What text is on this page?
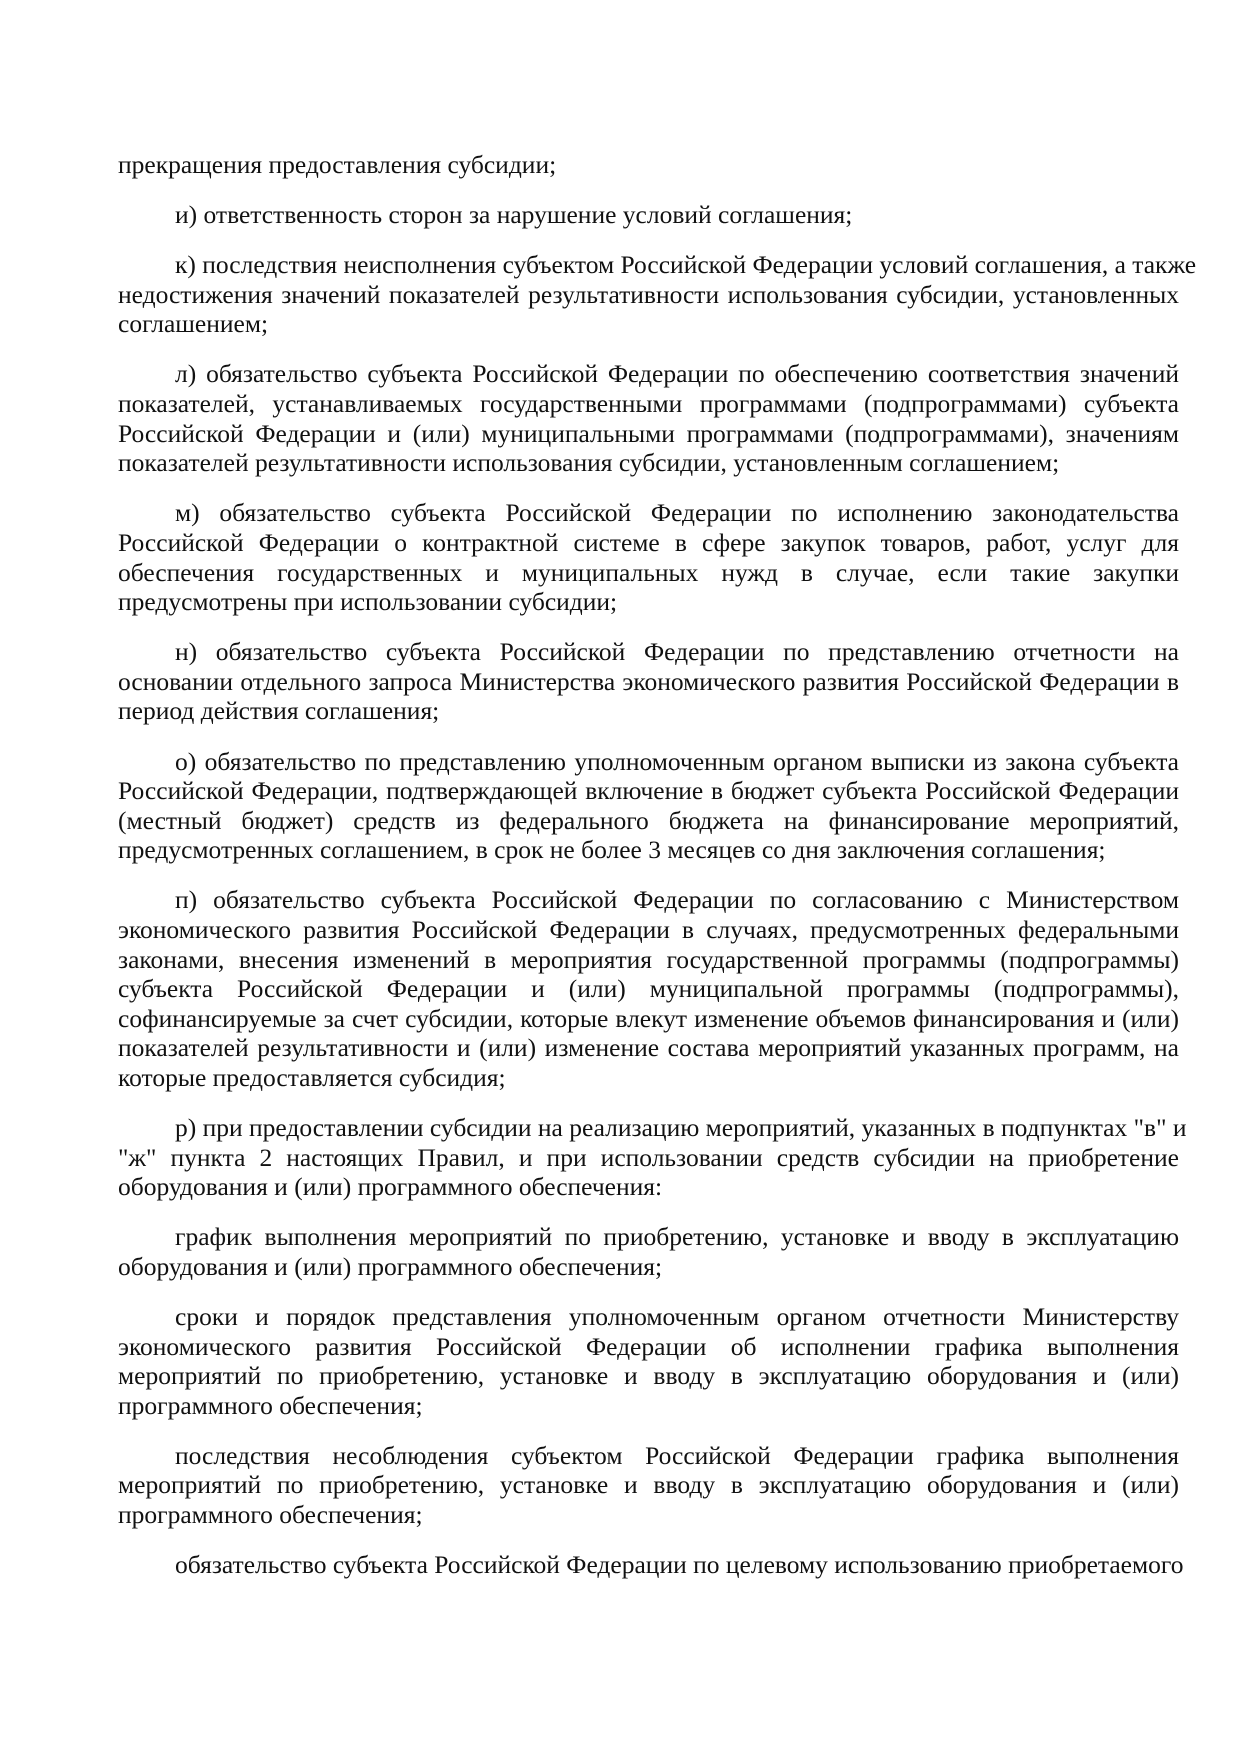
прекращения предоставления субсидии;
и) ответственность сторон за нарушение условий соглашения;
к) последствия неисполнения субъектом Российской Федерации условий соглашения, а также
недостижения значений показателей результативности использования субсидии, установленных
соглашением;
л) обязательство субъекта Российской Федерации по обеспечению соответствия значений
показателей, устанавливаемых государственными программами (подпрограммами) субъекта
Российской Федерации и (или) муниципальными программами (подпрограммами), значениям
показателей результативности использования субсидии, установленным соглашением;
м) обязательство субъекта Российской Федерации по исполнению законодательства
Российской Федерации о контрактной системе в сфере закупок товаров, работ, услуг для
обеспечения государственных и муниципальных нужд в случае, если такие закупки
предусмотрены при использовании субсидии;
н) обязательство субъекта Российской Федерации по представлению отчетности на
основании отдельного запроса Министерства экономического развития Российской Федерации в
период действия соглашения;
о) обязательство по представлению уполномоченным органом выписки из закона субъекта
Российской Федерации, подтверждающей включение в бюджет субъекта Российской Федерации
(местный бюджет) средств из федерального бюджета на финансирование мероприятий,
предусмотренных соглашением, в срок не более 3 месяцев со дня заключения соглашения;
п) обязательство субъекта Российской Федерации по согласованию с Министерством
экономического развития Российской Федерации в случаях, предусмотренных федеральными
законами, внесения изменений в мероприятия государственной программы (подпрограммы)
субъекта Российской Федерации и (или) муниципальной программы (подпрограммы),
софинансируемые за счет субсидии, которые влекут изменение объемов финансирования и (или)
показателей результативности и (или) изменение состава мероприятий указанных программ, на
которые предоставляется субсидия;
р) при предоставлении субсидии на реализацию мероприятий, указанных в подпунктах "в" и
"ж" пункта 2 настоящих Правил, и при использовании средств субсидии на приобретение
оборудования и (или) программного обеспечения:
график выполнения мероприятий по приобретению, установке и вводу в эксплуатацию
оборудования и (или) программного обеспечения;
сроки и порядок представления уполномоченным органом отчетности Министерству
экономического развития Российской Федерации об исполнении графика выполнения
мероприятий по приобретению, установке и вводу в эксплуатацию оборудования и (или)
программного обеспечения;
последствия несоблюдения субъектом Российской Федерации графика выполнения
мероприятий по приобретению, установке и вводу в эксплуатацию оборудования и (или)
программного обеспечения;
обязательство субъекта Российской Федерации по целевому использованию приобретаемого
